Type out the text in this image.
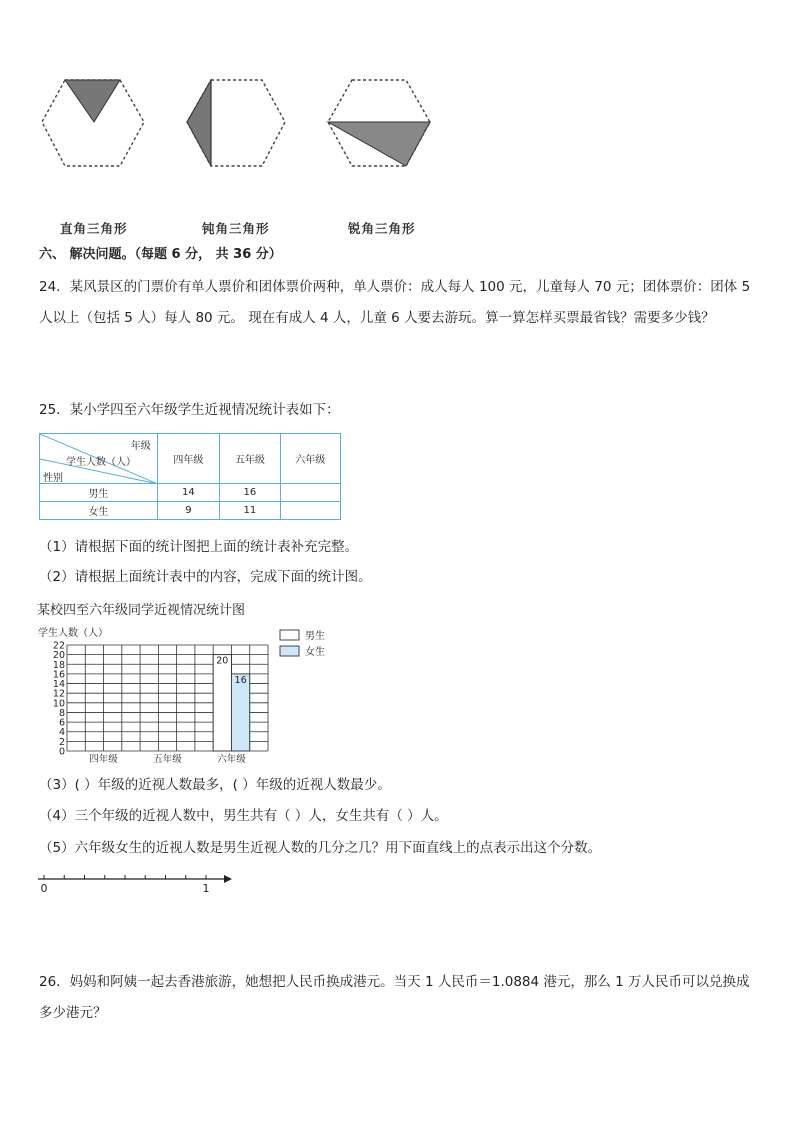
直角三角形	钝角三角形	锐角三角形
六、 解决问题。（每题 6 分， 共 36 分）
24．某风景区的门票价有单人票价和团体票价两种，单人票价：成人每人 100 元，儿童每人 70 元；团体票价：团体 5
人以上（包括 5 人）每人 80 元。 现在有成人 4 人，儿童 6 人要去游玩。算一算怎样买票最省钱？需要多少钱？
25．某小学四至六年级学生近视情况统计表如下：
年级
学生人数（人）
性别	四年级	五年级	六年级
男生	14	16	
女生	9	11	
（1）请根据下面的统计图把上面的统计表补充完整。
（2）请根据上面统计表中的内容，完成下面的统计图。
某校四至六年级同学近视情况统计图
学生人数（人）
0
2
4
6
8
10
12
14
16
18
20
22
20
16
四年级	五年级	六年级
男生
女生
（3）( ）年级的近视人数最多，( ）年级的近视人数最少。
（4）三个年级的近视人数中，男生共有（ ）人，女生共有（ ）人。
（5）六年级女生的近视人数是男生近视人数的几分之几？用下面直线上的点表示出这个分数。
0	1
26．妈妈和阿姨一起去香港旅游，她想把人民币换成港元。当天 1 人民币＝1.0884 港元，那么 1 万人民币可以兑换成
多少港元？
